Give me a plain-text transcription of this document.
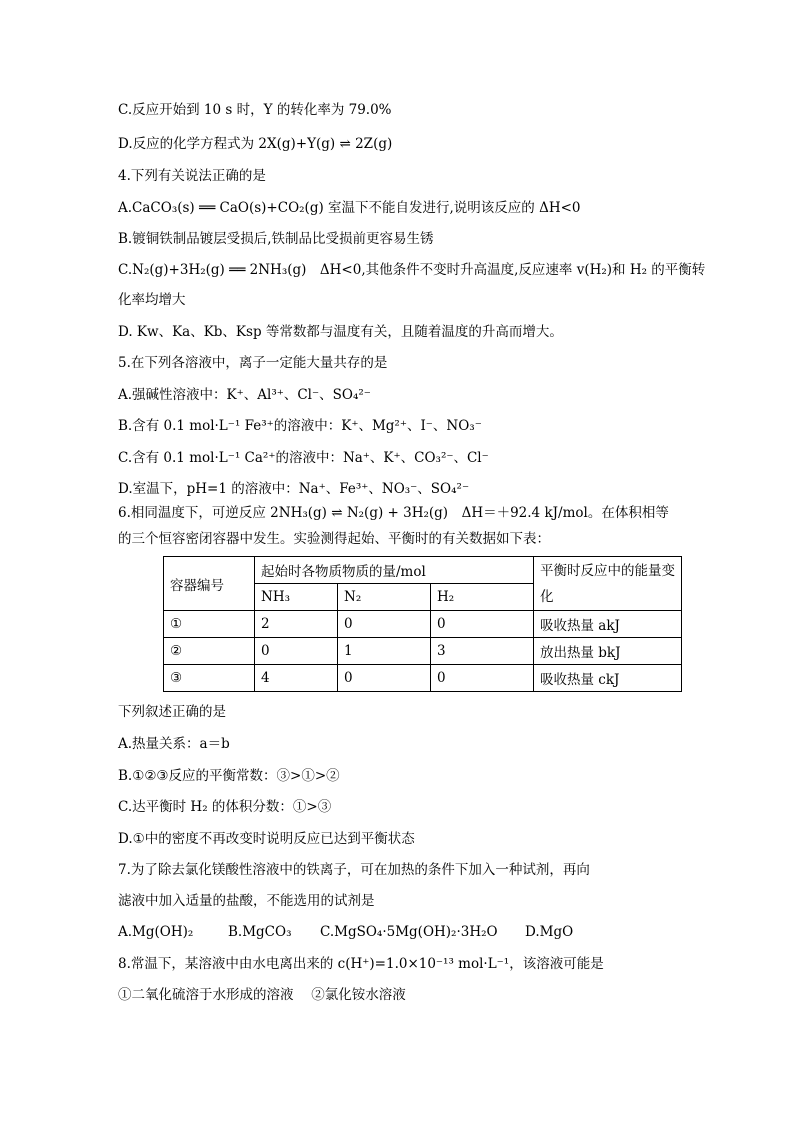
C.反应开始到 10 s 时，Y 的转化率为 79.0%
D.反应的化学方程式为 2X(g)+Y(g) ⇌ 2Z(g)
4.下列有关说法正确的是
A.CaCO₃(s) ══ CaO(s)+CO₂(g) 室温下不能自发进行,说明该反应的 ΔH<0
B.镀铜铁制品镀层受损后,铁制品比受损前更容易生锈
C.N₂(g)+3H₂(g) ══ 2NH₃(g)　ΔH<0,其他条件不变时升高温度,反应速率 v(H₂)和 H₂ 的平衡转
化率均增大
D. Kw、Ka、Kb、Ksp 等常数都与温度有关，且随着温度的升高而增大。
5.在下列各溶液中，离子一定能大量共存的是
A.强碱性溶液中：K⁺、Al³⁺、Cl⁻、SO₄²⁻
B.含有 0.1 mol·L⁻¹ Fe³⁺的溶液中：K⁺、Mg²⁺、I⁻、NO₃⁻
C.含有 0.1 mol·L⁻¹ Ca²⁺的溶液中：Na⁺、K⁺、CO₃²⁻、Cl⁻
D.室温下，pH=1 的溶液中：Na⁺、Fe³⁺、NO₃⁻、SO₄²⁻
6.相同温度下，可逆反应 2NH₃(g) ⇌ N₂(g) + 3H₂(g)　ΔH＝＋92.4 kJ/mol。在体积相等
的三个恒容密闭容器中发生。实验测得起始、平衡时的有关数据如下表：
下列叙述正确的是
A.热量关系：a＝b
B.①②③反应的平衡常数：③>①>②
C.达平衡时 H₂ 的体积分数：①>③
D.①中的密度不再改变时说明反应已达到平衡状态
7.为了除去氯化镁酸性溶液中的铁离子，可在加热的条件下加入一种试剂，再向
滤液中加入适量的盐酸，不能选用的试剂是
8.常温下，某溶液中由水电离出来的 c(H⁺)=1.0×10⁻¹³ mol·L⁻¹，该溶液可能是
①二氧化硫溶于水形成的溶液　 ②氯化铵水溶液
A.Mg(OH)₂	B.MgCO₃ C.MgSO₄·5Mg(OH)₂·3H₂O D.MgO
容器编号	起始时各物质物质的量/mol			平衡时反应中的能量变化
	NH₃	N₂	H₂	
①	2	0	0	吸收热量 akJ
②	0	1	3	放出热量 bkJ
③	4	0	0	吸收热量 ckJ
